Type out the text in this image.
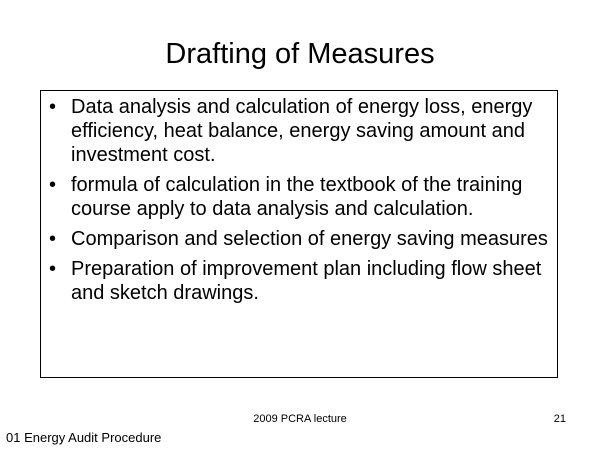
Drafting of Measures
• Data analysis and calculation of energy loss, energy efficiency, heat balance, energy saving amount and investment cost.
• formula of calculation in the textbook of the training course apply to data analysis and calculation.
• Comparison and selection of energy saving measures
• Preparation of improvement plan including flow sheet and sketch drawings.
2009 PCRA lecture	21
01 Energy Audit Procedure
